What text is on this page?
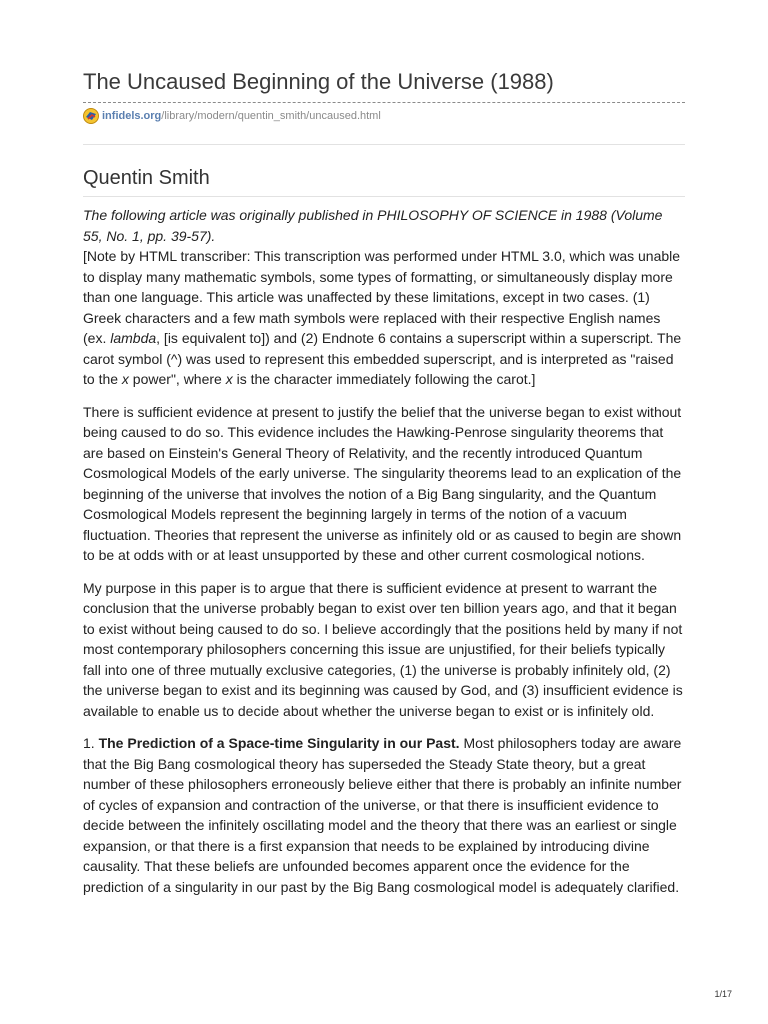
The Uncaused Beginning of the Universe (1988)
infidels.org /library/modern/quentin_smith/uncaused.html
Quentin Smith

The following article was originally published in PHILOSOPHY OF SCIENCE in 1988 (Volume 55, No. 1, pp. 39-57).

[Note by HTML transcriber: This transcription was performed under HTML 3.0, which was unable to display many mathematic symbols, some types of formatting, or simultaneously display more than one language. This article was unaffected by these limitations, except in two cases. (1) Greek characters and a few math symbols were replaced with their respective English names (ex. lambda, [is equivalent to]) and (2) Endnote 6 contains a superscript within a superscript. The carot symbol (^) was used to represent this embedded superscript, and is interpreted as "raised to the x power", where x is the character immediately following the carot.]

There is sufficient evidence at present to justify the belief that the universe began to exist without being caused to do so. This evidence includes the Hawking-Penrose singularity theorems that are based on Einstein's General Theory of Relativity, and the recently introduced Quantum Cosmological Models of the early universe. The singularity theorems lead to an explication of the beginning of the universe that involves the notion of a Big Bang singularity, and the Quantum Cosmological Models represent the beginning largely in terms of the notion of a vacuum fluctuation. Theories that represent the universe as infinitely old or as caused to begin are shown to be at odds with or at least unsupported by these and other current cosmological notions.

My purpose in this paper is to argue that there is sufficient evidence at present to warrant the conclusion that the universe probably began to exist over ten billion years ago, and that it began to exist without being caused to do so. I believe accordingly that the positions held by many if not most contemporary philosophers concerning this issue are unjustified, for their beliefs typically fall into one of three mutually exclusive categories, (1) the universe is probably infinitely old, (2) the universe began to exist and its beginning was caused by God, and (3) insufficient evidence is available to enable us to decide about whether the universe began to exist or is infinitely old.

1. The Prediction of a Space-time Singularity in our Past. Most philosophers today are aware that the Big Bang cosmological theory has superseded the Steady State theory, but a great number of these philosophers erroneously believe either that there is probably an infinite number of cycles of expansion and contraction of the universe, or that there is insufficient evidence to decide between the infinitely oscillating model and the theory that there was an earliest or single expansion, or that there is a first expansion that needs to be explained by introducing divine causality. That these beliefs are unfounded becomes apparent once the evidence for the prediction of a singularity in our past by the Big Bang cosmological model is adequately clarified.

1/17
